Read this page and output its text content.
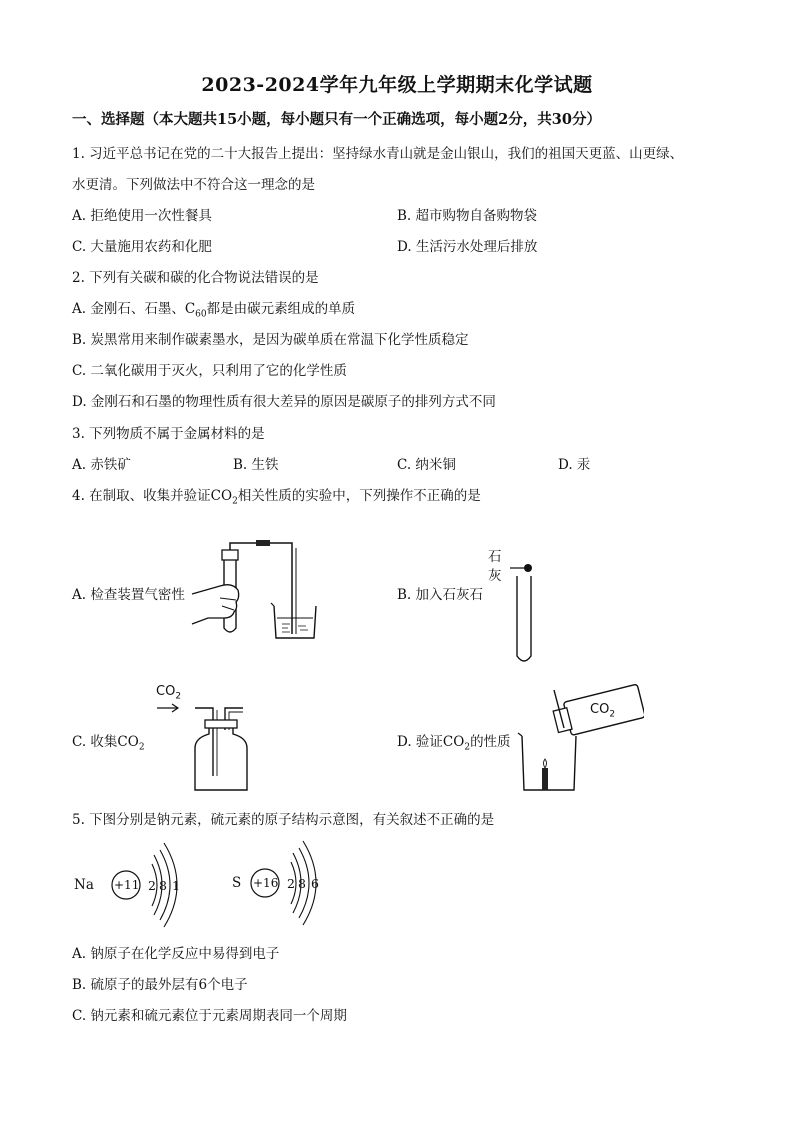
2023-2024学年九年级上学期期末化学试题
一、选择题（本大题共15小题，每小题只有一个正确选项，每小题2分，共30分）
1. 习近平总书记在党的二十大报告上提出：坚持绿水青山就是金山银山，我们的祖国天更蓝、山更绿、
水更清。下列做法中不符合这一理念的是
A. 拒绝使用一次性餐具	B. 超市购物自备购物袋
C. 大量施用农药和化肥	D. 生活污水处理后排放
2. 下列有关碳和碳的化合物说法错误的是
A. 金刚石、石墨、$C_{60}$都是由碳元素组成的单质
B. 炭黑常用来制作碳素墨水，是因为碳单质在常温下化学性质稳定
C. 二氧化碳用于灭火，只利用了它的化学性质
D. 金刚石和石墨的物理性质有很大差异的原因是碳原子的排列方式不同
3. 下列物质不属于金属材料的是
A. 赤铁矿	B. 生铁	C. 纳米铜	D. 汞
4. 在制取、收集并验证$CO_2$相关性质的实验中，下列操作不正确的是
A. 检查装置气密性	B. 加入石灰石
石
灰
C. 收集$CO_2$
$CO_2$
D. 验证$CO_2$的性质
$CO_2$
5. 下图分别是钠元素，硫元素的原子结构示意图，有关叙述不正确的是
Na +11 2 8 1	S +16 2 8 6
A. 钠原子在化学反应中易得到电子
B. 硫原子的最外层有6个电子
C. 钠元素和硫元素位于元素周期表同一个周期
